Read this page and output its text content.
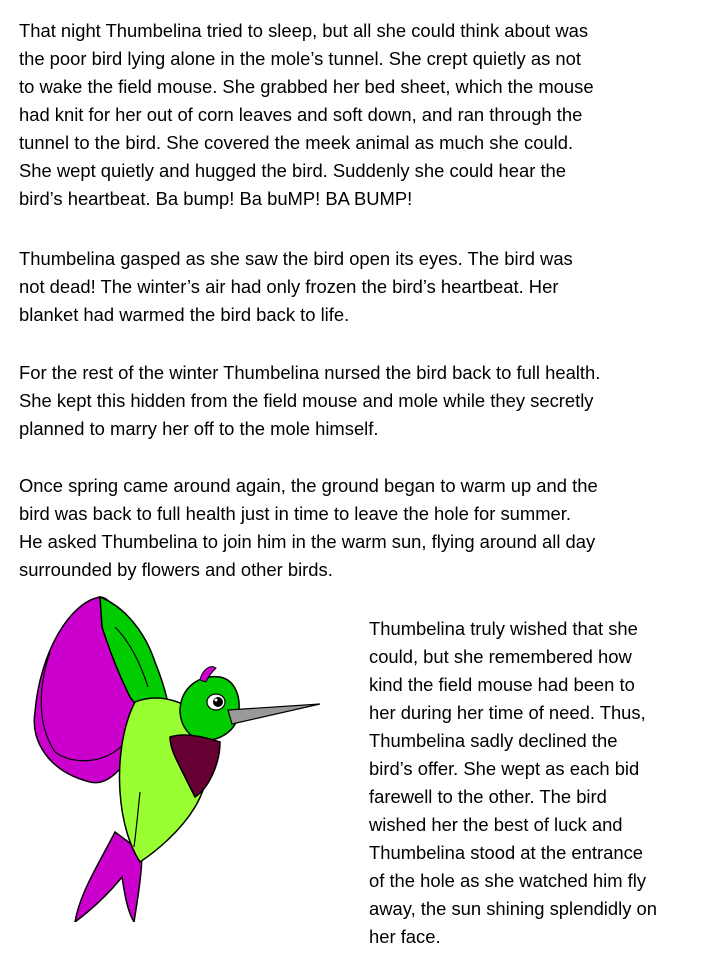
That night Thumbelina tried to sleep, but all she could think about was
the poor bird lying alone in the mole’s tunnel. She crept quietly as not
to wake the field mouse. She grabbed her bed sheet, which the mouse
had knit for her out of corn leaves and soft down, and ran through the
tunnel to the bird. She covered the meek animal as much she could.
She wept quietly and hugged the bird. Suddenly she could hear the
bird’s heartbeat. Ba bump! Ba buMP! BA BUMP!

Thumbelina gasped as she saw the bird open its eyes. The bird was
not dead! The winter’s air had only frozen the bird’s heartbeat. Her
blanket had warmed the bird back to life.

For the rest of the winter Thumbelina nursed the bird back to full health.
She kept this hidden from the field mouse and mole while they secretly
planned to marry her off to the mole himself.

Once spring came around again, the ground began to warm up and the
bird was back to full health just in time to leave the hole for summer.
He asked Thumbelina to join him in the warm sun, flying around all day
surrounded by flowers and other birds.

Thumbelina truly wished that she
could, but she remembered how
kind the field mouse had been to
her during her time of need. Thus,
Thumbelina sadly declined the
bird’s offer. She wept as each bid
farewell to the other. The bird
wished her the best of luck and
Thumbelina stood at the entrance
of the hole as she watched him fly
away, the sun shining splendidly on
her face.
